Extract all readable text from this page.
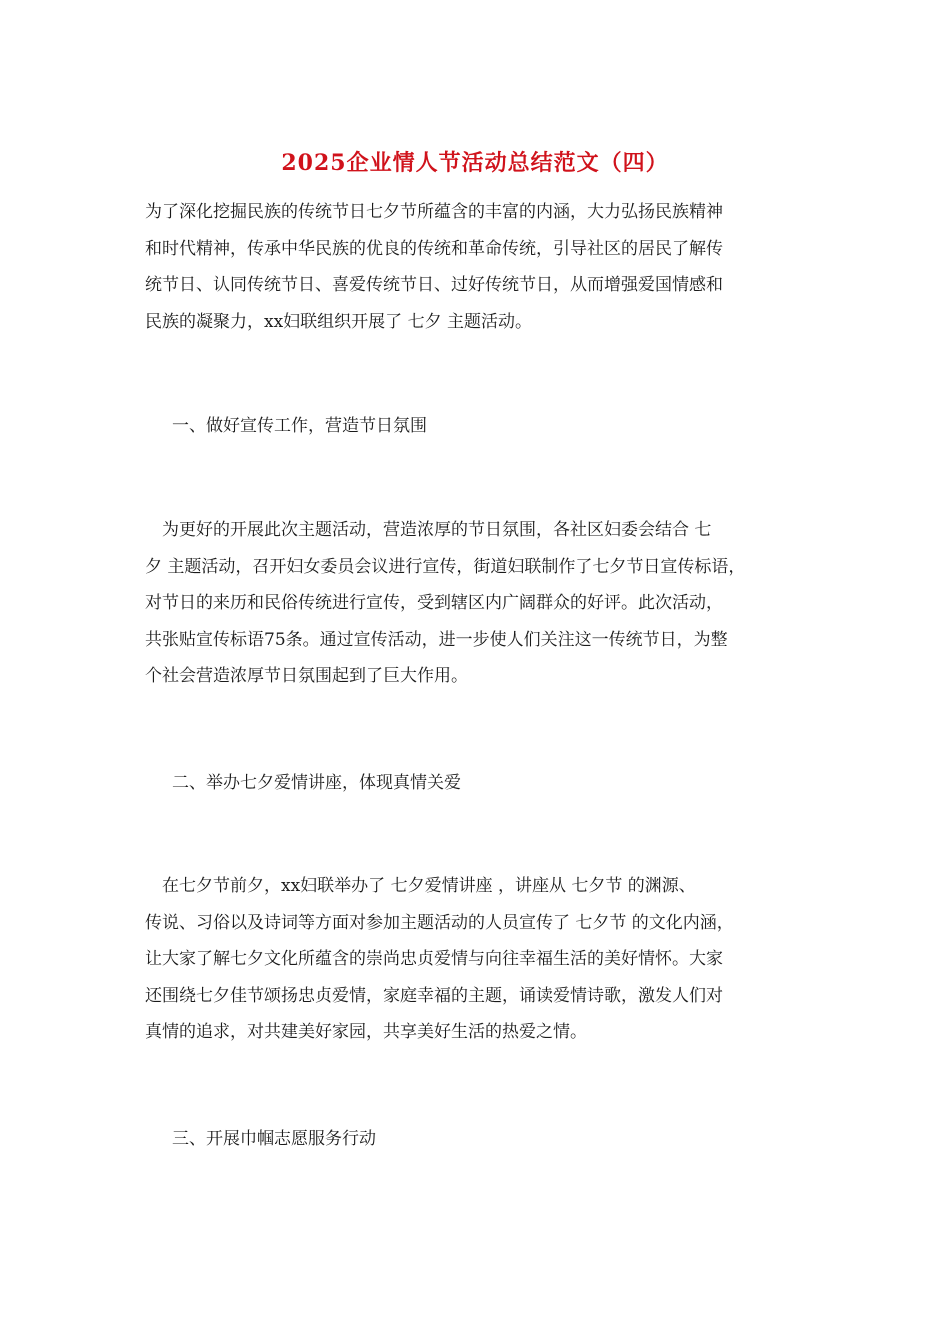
2025企业情人节活动总结范文（四）

为了深化挖掘民族的传统节日七夕节所蕴含的丰富的内涵，大力弘扬民族精神
和时代精神，传承中华民族的优良的传统和革命传统，引导社区的居民了解传
统节日、认同传统节日、喜爱传统节日、过好传统节日，从而增强爱国情感和
民族的凝聚力，xx妇联组织开展了 七夕 主题活动。

一、做好宣传工作，营造节日氛围

　为更好的开展此次主题活动，营造浓厚的节日氛围，各社区妇委会结合 七
夕 主题活动，召开妇女委员会议进行宣传，街道妇联制作了七夕节日宣传标语，
对节日的来历和民俗传统进行宣传，受到辖区内广阔群众的好评。此次活动，
共张贴宣传标语75条。通过宣传活动，进一步使人们关注这一传统节日，为整
个社会营造浓厚节日氛围起到了巨大作用。

二、举办七夕爱情讲座，体现真情关爱

　在七夕节前夕，xx妇联举办了 七夕爱情讲座 ，讲座从 七夕节 的渊源、
传说、习俗以及诗词等方面对参加主题活动的人员宣传了 七夕节 的文化内涵，
让大家了解七夕文化所蕴含的崇尚忠贞爱情与向往幸福生活的美好情怀。大家
还围绕七夕佳节颂扬忠贞爱情，家庭幸福的主题，诵读爱情诗歌，激发人们对
真情的追求，对共建美好家园，共享美好生活的热爱之情。

三、开展巾帼志愿服务行动
